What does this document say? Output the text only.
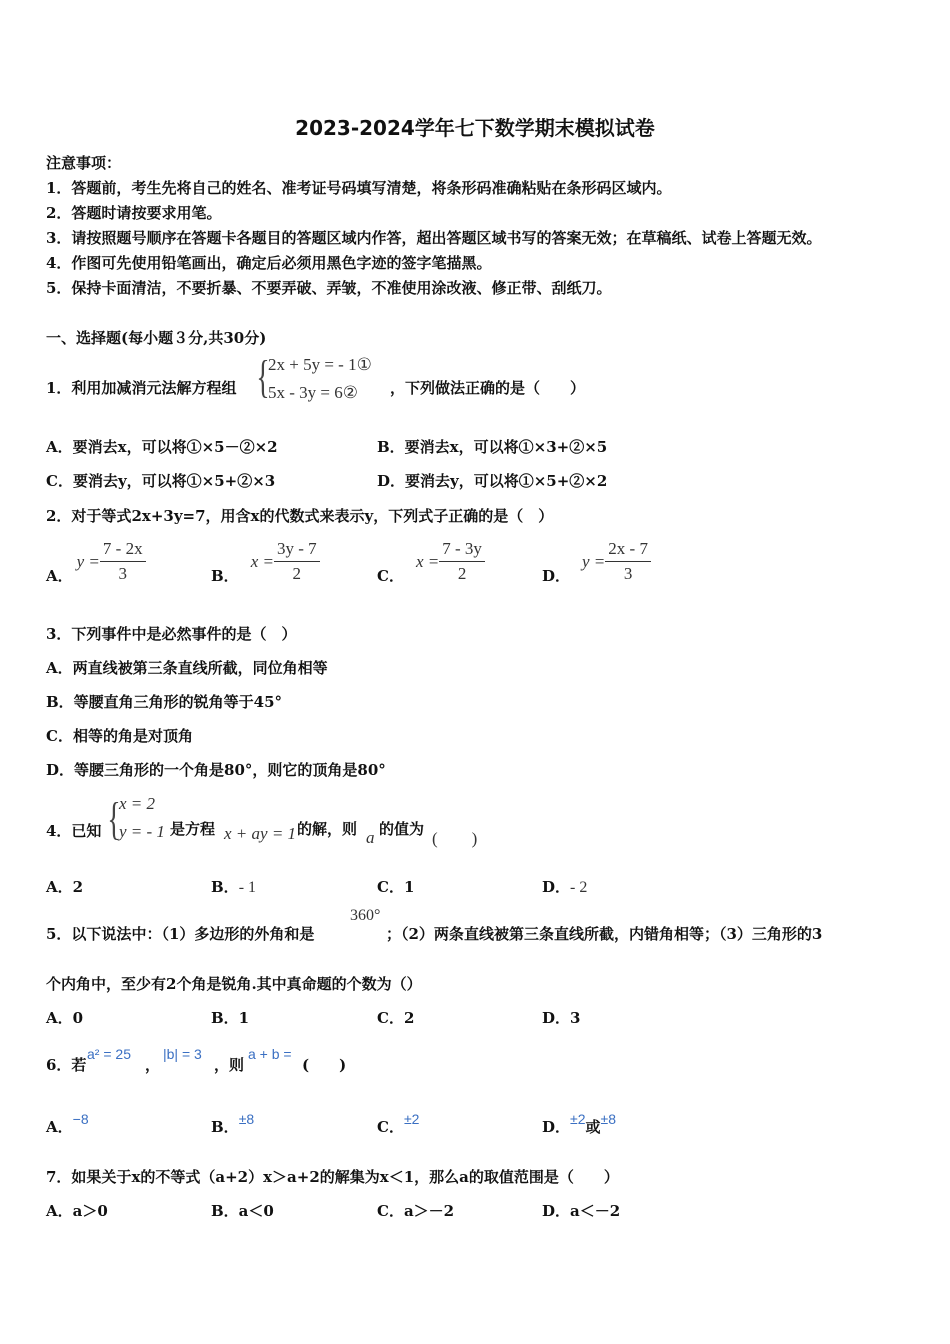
2023-2024学年七下数学期末模拟试卷
注意事项：
1．答题前，考生先将自己的姓名、准考证号码填写清楚，将条形码准确粘贴在条形码区域内。
2．答题时请按要求用笔。
3．请按照题号顺序在答题卡各题目的答题区域内作答，超出答题区域书写的答案无效；在草稿纸、试卷上答题无效。
4．作图可先使用铅笔画出，确定后必须用黑色字迹的签字笔描黑。
5．保持卡面清洁，不要折暴、不要弄破、弄皱，不准使用涂改液、修正带、刮纸刀。
一、选择题(每小题３分,共30分)
1．利用加减消元法解方程组 {
2x + 5y = - 1①
5x - 3y = 6② ，下列做法正确的是（　　）
A．要消去x，可以将①×5－②×2	B．要消去x，可以将①×3+②×5
C．要消去y，可以将①×5+②×3	D．要消去y，可以将①×5+②×2
2．对于等式2x+3y=7，用含x的代数式来表示y，下列式子正确的是（　）
A．
$y = \frac{7 - 2x}{3}$	B．
$x = \frac{3y - 7}{2}$	C．
$x = \frac{7 - 3y}{2}$	D．
$y = \frac{2x - 7}{3}$
3．下列事件中是必然事件的是（　）
A．两直线被第三条直线所截，同位角相等
B．等腰直角三角形的锐角等于45°
C．相等的角是对顶角
D．等腰三角形的一个角是80°，则它的顶角是80°
4．已知 {
x = 2
y = - 1 是方程 x + ay = 1 的解，则 a 的值为 (　　)
A．2	B．- 1	C．1	D．- 2
5．以下说法中：（1）多边形的外角和是
360°
；（2）两条直线被第三条直线所截，内错角相等；（3）三角形的3
个内角中，至少有2个角是锐角.其中真命题的个数为（）
A．0	B．1	C．2	D．3
6．若
a² = 25
，
|b| = 3
，则
a + b =
(　　)
A．−8	B．±8	C．±2	D．±2或±8
7．如果关于x的不等式（a+2）x＞a+2的解集为x＜1，那么a的取值范围是（　　）
A．a＞0	B．a＜0	C．a＞－2	D．a＜－2
